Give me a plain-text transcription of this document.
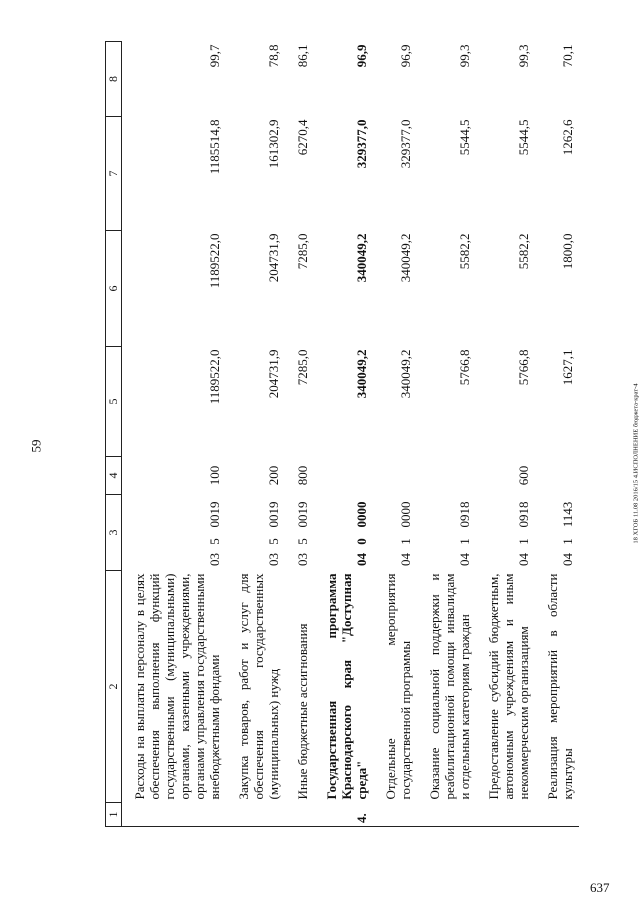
59	18 ХГОБ 11.08 2016/15 4.ИСПОЛНЕНИЕ бюджета-крат-4
637
1	2	3			4	5	6	7	8
	Расходы на выплаты персоналу в целях обеспечения выполнения функций государственными (муниципальными) органами, казенными учреждениями, органами управления государственными внебюджетными фондами	03	5	0019	100	1189522,0	1189522,0	1185514,8	99,7
	Закупка товаров, работ и услуг для обеспечения государственных (муниципальных) нужд	03	5	0019	200	204731,9	204731,9	161302,9	78,8
	Иные бюджетные ассигнования	03	5	0019	800	7285,0	7285,0	6270,4	86,1
4.	Государственная программа Краснодарского края "Доступная среда"	04	0	0000		340049,2	340049,2	329377,0	96,9
	Отдельные мероприятия государственной программы	04	1	0000		340049,2	340049,2	329377,0	96,9
	Оказание социальной поддержки и реабилитационной помощи инвалидам и отдельным категориям граждан	04	1	0918		5766,8	5582,2	5544,5	99,3
	Предоставление субсидий бюджетным, автономным учреждениям и иным некоммерческим организациям	04	1	0918	600	5766,8	5582,2	5544,5	99,3
	Реализация мероприятий в области культуры	04	1	1143		1627,1	1800,0	1262,6	70,1
